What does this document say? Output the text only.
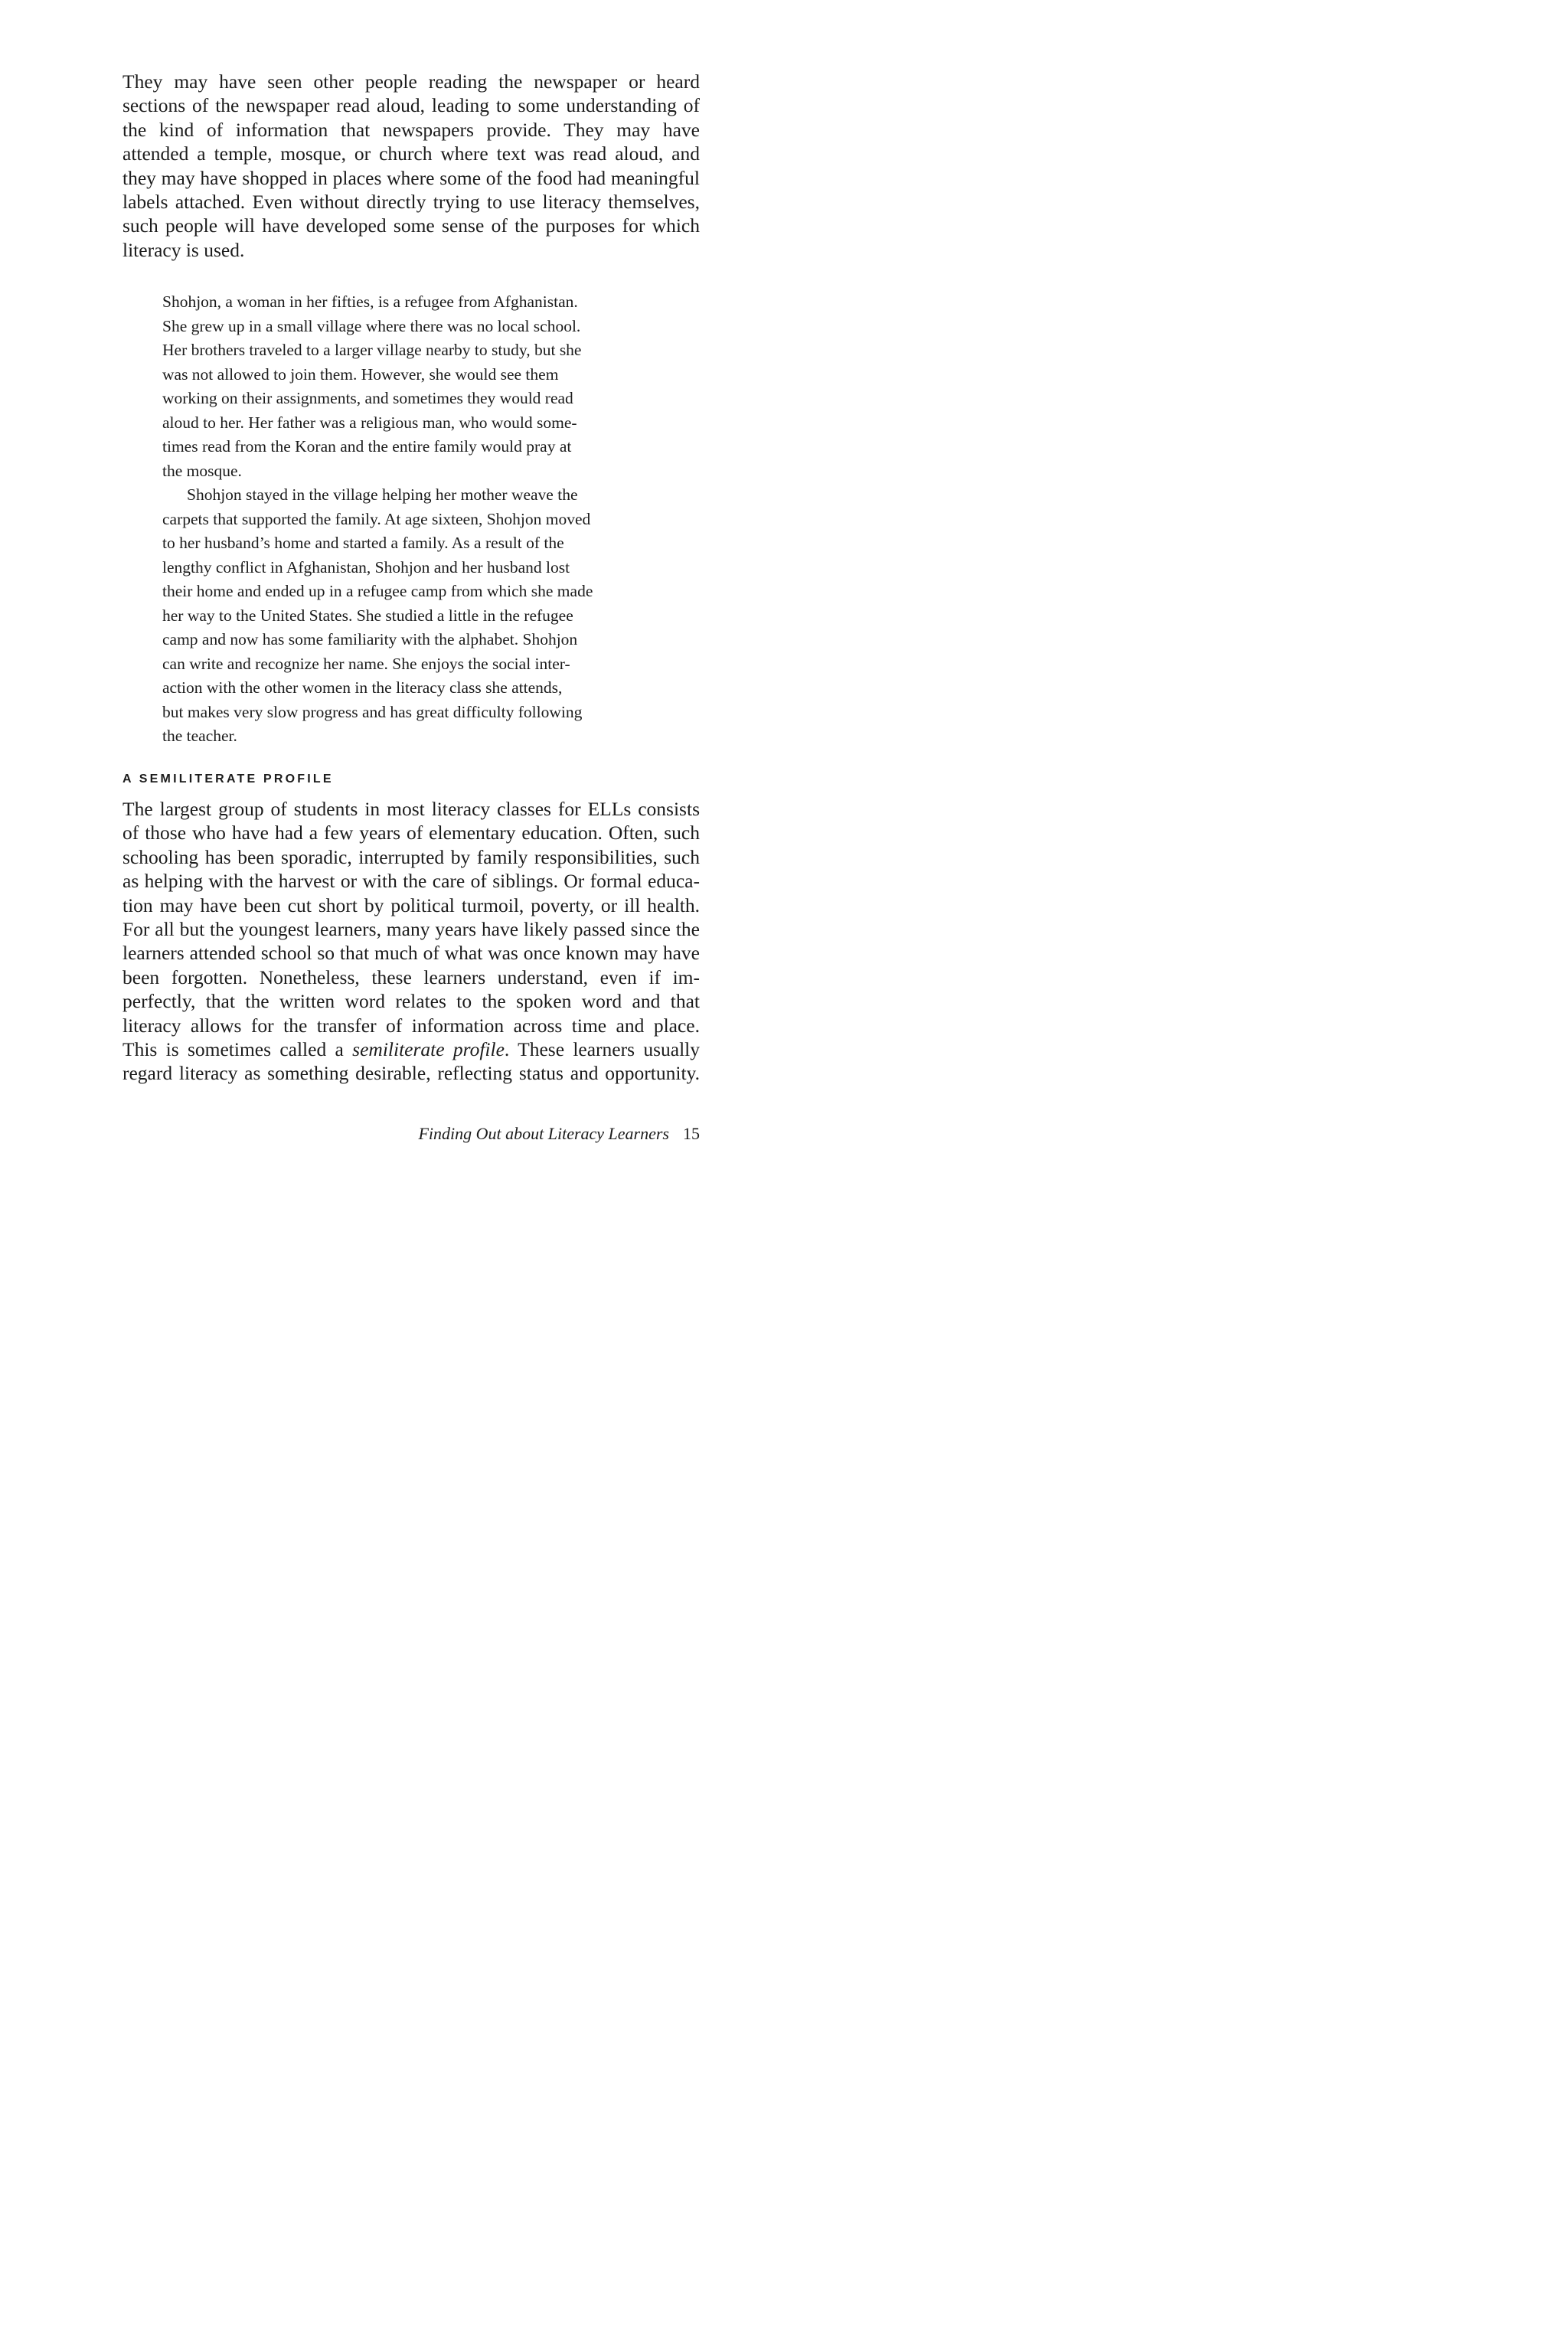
They may have seen other people reading the newspaper or heard
sections of the newspaper read aloud, leading to some understanding of
the kind of information that newspapers provide. They may have
attended a temple, mosque, or church where text was read aloud, and
they may have shopped in places where some of the food had meaningful
labels attached. Even without directly trying to use literacy themselves,
such people will have developed some sense of the purposes for which
literacy is used.

Shohjon, a woman in her fifties, is a refugee from Afghanistan.
She grew up in a small village where there was no local school.
Her brothers traveled to a larger village nearby to study, but she
was not allowed to join them. However, she would see them
working on their assignments, and sometimes they would read
aloud to her. Her father was a religious man, who would some-
times read from the Koran and the entire family would pray at
the mosque.
Shohjon stayed in the village helping her mother weave the
carpets that supported the family. At age sixteen, Shohjon moved
to her husband’s home and started a family. As a result of the
lengthy conflict in Afghanistan, Shohjon and her husband lost
their home and ended up in a refugee camp from which she made
her way to the United States. She studied a little in the refugee
camp and now has some familiarity with the alphabet. Shohjon
can write and recognize her name. She enjoys the social inter-
action with the other women in the literacy class she attends,
but makes very slow progress and has great difficulty following
the teacher.
A SEMILITERATE PROFILE

The largest group of students in most literacy classes for ELLs consists
of those who have had a few years of elementary education. Often, such
schooling has been sporadic, interrupted by family responsibilities, such
as helping with the harvest or with the care of siblings. Or formal educa-
tion may have been cut short by political turmoil, poverty, or ill health.
For all but the youngest learners, many years have likely passed since the
learners attended school so that much of what was once known may have
been forgotten. Nonetheless, these learners understand, even if im-
perfectly, that the written word relates to the spoken word and that
literacy allows for the transfer of information across time and place.
This is sometimes called a semiliterate profile. These learners usually
regard literacy as something desirable, reflecting status and opportunity.

Finding Out about Literacy Learners 15
